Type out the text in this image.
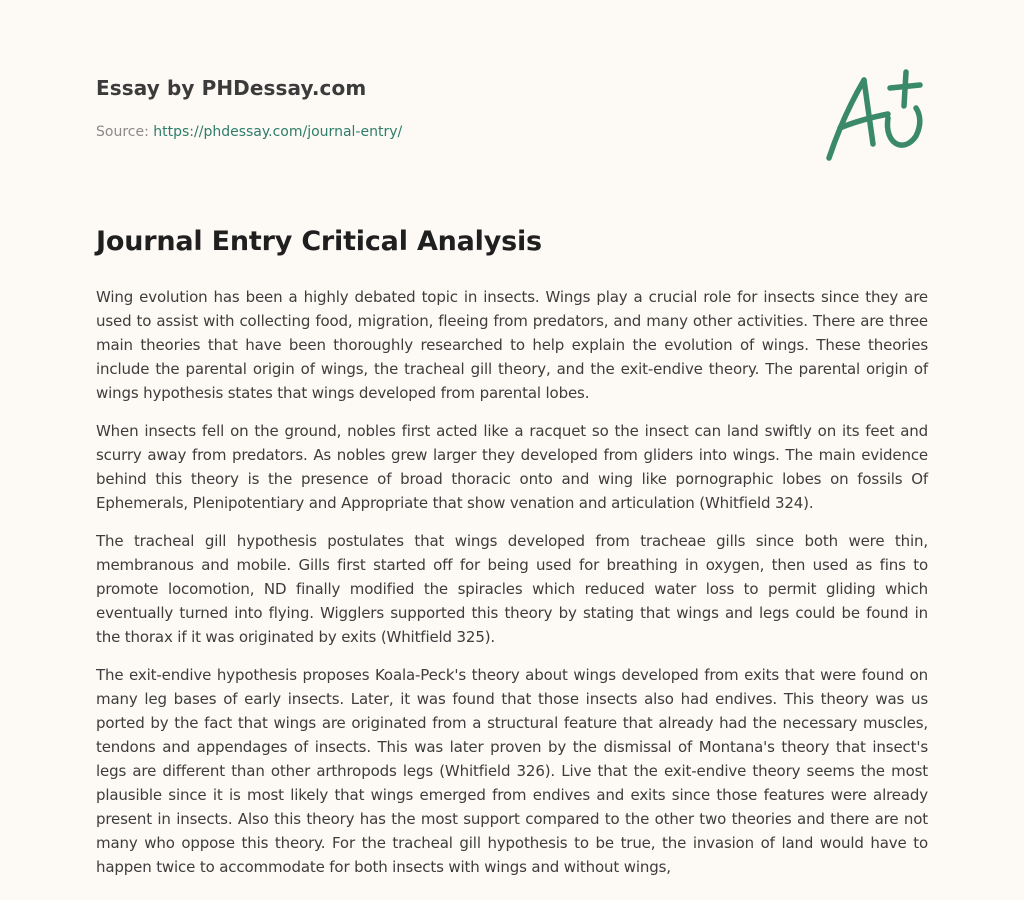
Essay by PHDessay.com

Source: https://phdessay.com/journal-entry/

Journal Entry Critical Analysis

Wing evolution has been a highly debated topic in insects. Wings play a crucial role for insects since they are used to assist with collecting food, migration, fleeing from predators, and many other activities. There are three main theories that have been thoroughly researched to help explain the evolution of wings. These theories include the parental origin of wings, the tracheal gill theory, and the exit-endive theory. The parental origin of wings hypothesis states that wings developed from parental lobes.

When insects fell on the ground, nobles first acted like a racquet so the insect can land swiftly on its feet and scurry away from predators. As nobles grew larger they developed from gliders into wings. The main evidence behind this theory is the presence of broad thoracic onto and wing like pornographic lobes on fossils Of Ephemerals, Plenipotentiary and Appropriate that show venation and articulation (Whitfield 324).

The tracheal gill hypothesis postulates that wings developed from tracheae gills since both were thin, membranous and mobile. Gills first started off for being used for breathing in oxygen, then used as fins to promote locomotion, ND finally modified the spiracles which reduced water loss to permit gliding which eventually turned into flying. Wigglers supported this theory by stating that wings and legs could be found in the thorax if it was originated by exits (Whitfield 325).

The exit-endive hypothesis proposes Koala-Peck's theory about wings developed from exits that were found on many leg bases of early insects. Later, it was found that those insects also had endives. This theory was us ported by the fact that wings are originated from a structural feature that already had the necessary muscles, tendons and appendages of insects. This was later proven by the dismissal of Montana's theory that insect's legs are different than other arthropods legs (Whitfield 326). Live that the exit-endive theory seems the most plausible since it is most likely that wings emerged from endives and exits since those features were already present in insects. Also this theory has the most support compared to the other two theories and there are not many who oppose this theory. For the tracheal gill hypothesis to be true, the invasion of land would have to happen twice to accommodate for both insects with wings and without wings,
